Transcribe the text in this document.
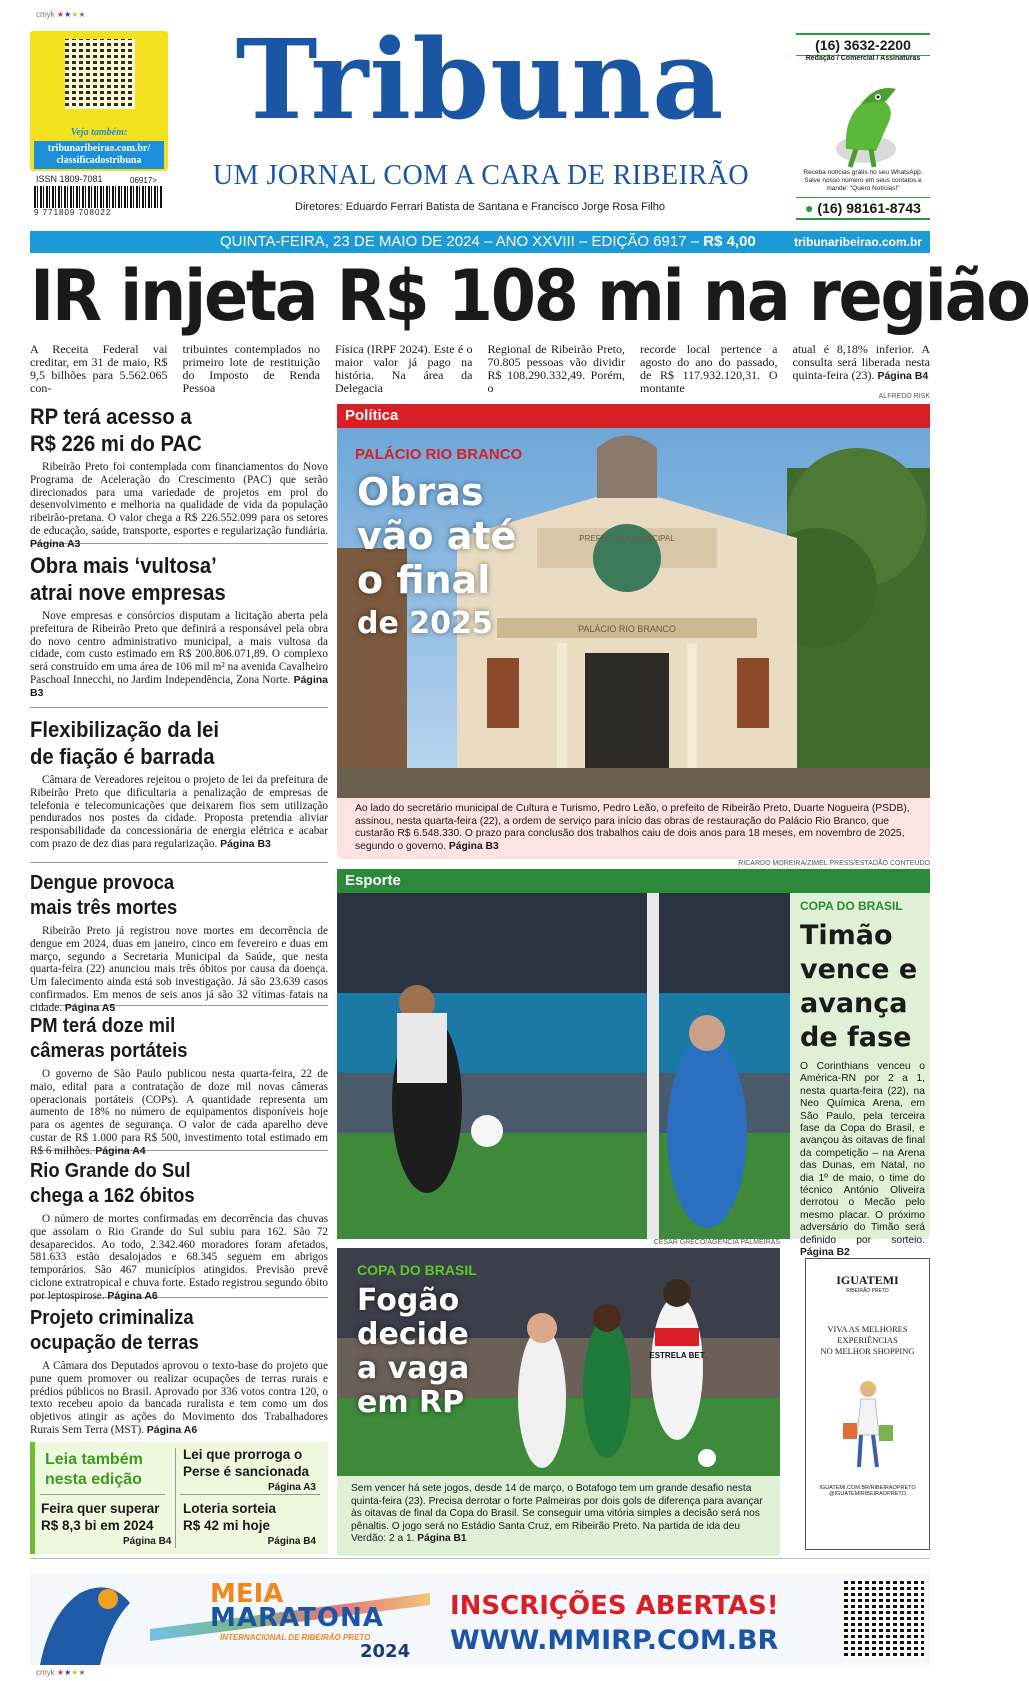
cmyk ★★★★
Veja também:
tribunaribeirao.com.br/
classificadostribuna
ISSN 1809-7081	06917>
9 771809 708022
Tribuna
UM JORNAL COM A CARA DE RIBEIRÃO
Diretores: Eduardo Ferrari Batista de Santana e Francisco Jorge Rosa Filho
(16) 3632-2200
Redação / Comercial / Assinaturas
Receba notícias grátis no seu WhatsApp. Salve nosso número em seus contatos e mande: "Quero Notícias!"
● (16) 98161-8743
QUINTA-FEIRA, 23 DE MAIO DE 2024 – ANO XXVIII – EDIÇÃO 6917 – R$ 4,00	tribunaribeirao.com.br
IR injeta R$ 108 mi na região
A Receita Federal vai creditar, em 31 de maio, R$ 9,5 bilhões para 5.562.065 con-
tribuintes contemplados no primeiro lote de restituição do Imposto de Renda Pessoa
Física (IRPF 2024). Este é o maior valor já pago na história. Na área da Delegacia
Regional de Ribeirão Preto, 70.805 pessoas vão dividir R$ 108.290.332,49. Porém, o
recorde local pertence a agosto do ano do passado, de R$ 117.932.120,31. O montante
atual é 8,18% inferior. A consulta será liberada nesta quinta-feira (23). Página B4
RP terá acesso a
R$ 226 mi do PAC

Ribeirão Preto foi contemplada com financiamentos do Novo Programa de Aceleração do Crescimento (PAC) que serão direcionados para uma variedade de projetos em prol do desenvolvimento e melhoria na qualidade de vida da população ribeirão-pretana. O valor chega a R$ 226.552.099 para os setores de educação, saúde, transporte, esportes e regularização fundiária. Página A3

Obra mais ‘vultosa’
atrai nove empresas

Nove empresas e consórcios disputam a licitação aberta pela prefeitura de Ribeirão Preto que definirá a responsável pela obra do novo centro administrativo municipal, a mais vultosa da cidade, com custo estimado em R$ 200.806.071,89. O complexo será construído em uma área de 106 mil m² na avenida Cavalheiro Paschoal Innecchi, no Jardim Independência, Zona Norte. Página B3

Flexibilização da lei
de fiação é barrada

Câmara de Vereadores rejeitou o projeto de lei da prefeitura de Ribeirão Preto que dificultaria a penalização de empresas de telefonia e telecomunicações que deixarem fios sem utilização pendurados nos postes da cidade. Proposta pretendia aliviar responsabilidade da concessionária de energia elétrica e acabar com prazo de dez dias para regularização. Página B3

Dengue provoca
mais três mortes

Ribeirão Preto já registrou nove mortes em decorrência de dengue em 2024, duas em janeiro, cinco em fevereiro e duas em março, segundo a Secretaria Municipal da Saúde, que nesta quarta-feira (22) anunciou mais três óbitos por causa da doença. Um falecimento ainda está sob investigação. Já são 23.639 casos confirmados. Em menos de seis anos já são 32 vítimas fatais na cidade. Página A5

PM terá doze mil
câmeras portáteis

O governo de São Paulo publicou nesta quarta-feira, 22 de maio, edital para a contratação de doze mil novas câmeras operacionais portáteis (COPs). A quantidade representa um aumento de 18% no número de equipamentos disponíveis hoje para os agentes de segurança. O valor de cada aparelho deve custar de R$ 1.000 para R$ 500, investimento total estimado em R$ 6 milhões. Página A4

Rio Grande do Sul
chega a 162 óbitos

O número de mortes confirmadas em decorrência das chuvas que assolam o Rio Grande do Sul subiu para 162. São 72 desaparecidos. Ao todo, 2.342.460 moradores foram afetados, 581.633 estão desalojados e 68.345 seguem em abrigos temporários. São 467 municípios atingidos. Previsão prevê ciclone extratropical e chuva forte. Estado registrou segundo óbito por leptospirose. Página A6

Projeto criminaliza
ocupação de terras

A Câmara dos Deputados aprovou o texto-base do projeto que pune quem promover ou realizar ocupações de terras rurais e prédios públicos no Brasil. Aprovado por 336 votos contra 120, o texto recebeu apoio da bancada ruralista e tem como um dos objetivos atingir as ações do Movimento dos Trabalhadores Rurais Sem Terra (MST). Página A6

Leia também
nesta edição
Lei que prorroga o
Perse é sancionada
Página A3
Feira quer superar
R$ 8,3 bi em 2024
Página B4
Loteria sorteia
R$ 42 mi hoje
Página B4
ALFREDO RISK
Política
PREFEITURA MUNICIPAL
PALÁCIO RIO BRANCO
PALÁCIO RIO BRANCO
Obras
vão até
o final
de 2025
Ao lado do secretário municipal de Cultura e Turismo, Pedro Leão, o prefeito de Ribeirão Preto, Duarte Nogueira (PSDB), assinou, nesta quarta-feira (22), a ordem de serviço para início das obras de restauração do Palácio Rio Branco, que custarão R$ 6.548.330. O prazo para conclusão dos trabalhos caiu de dois anos para 18 meses, em novembro de 2025, segundo o governo. Página B3
RICARDO MOREIRA/ZIMEL PRESS/ESTADÃO CONTEÚDO
Esporte
COPA DO BRASIL
Timão
vence e
avança
de fase
O Corinthians venceu o América-RN por 2 a 1, nesta quarta-feira (22), na Neo Química Arena, em São Paulo, pela terceira fase da Copa do Brasil, e avançou às oitavas de final da competição – na Arena das Dunas, em Natal, no dia 1º de maio, o time do técnico António Oliveira derrotou o Mecão pelo mesmo placar. O próximo adversário do Timão será definido por sorteio. Página B2
CESAR GRECO/AGÊNCIA PALMEIRAS
ESTRELA BET
COPA DO BRASIL
Fogão
decide
a vaga
em RP
Sem vencer há sete jogos, desde 14 de março, o Botafogo tem um grande desafio nesta quinta-feira (23). Precisa derrotar o forte Palmeiras por dois gols de diferença para avançar às oitavas de final da Copa do Brasil. Se conseguir uma vitória simples a decisão será nos pênaltis. O jogo será no Estádio Santa Cruz, em Ribeirão Preto. Na partida de ida deu Verdão: 2 a 1. Página B1
IGUATEMI
RIBEIRÃO PRETO
VIVA AS MELHORES
EXPERIÊNCIAS
NO MELHOR SHOPPING
IGUATEMI.COM.BR/RIBEIRAOPRETO
@IGUATEMIRIBEIRAOPRETO
MEIA
MARATONA
INTERNACIONAL DE RIBEIRÃO PRETO
2024
INSCRIÇÕES ABERTAS!
WWW.MMIRP.COM.BR
cmyk ★★★★
